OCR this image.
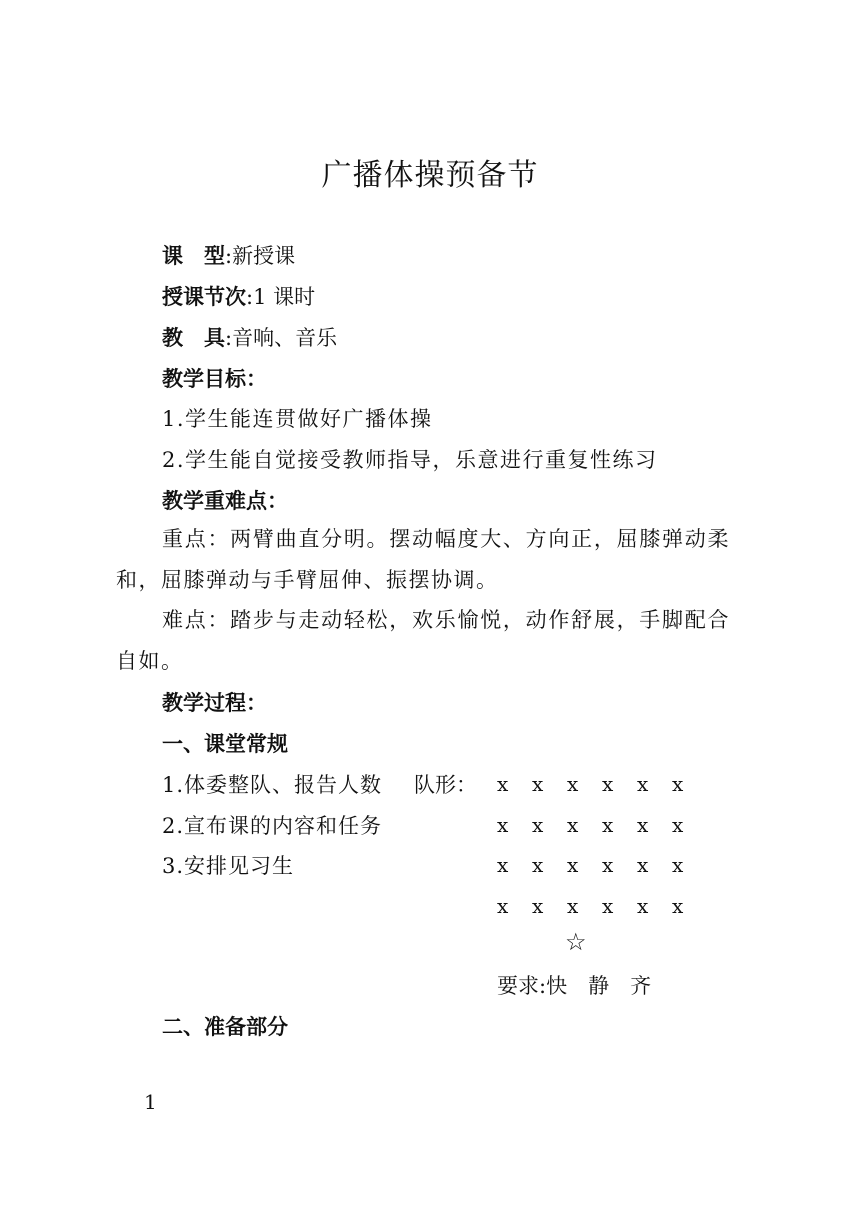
广播体操预备节
课　型:新授课
授课节次:1 课时
教　具:音响、音乐
教学目标：
1.学生能连贯做好广播体操
2.学生能自觉接受教师指导，乐意进行重复性练习
教学重难点：
重点：两臂曲直分明。摆动幅度大、方向正，屈膝弹动柔和，屈膝弹动与手臂屈伸、振摆协调。
难点：踏步与走动轻松，欢乐愉悦，动作舒展，手脚配合自如。
教学过程：
一、课堂常规
1.体委整队、报告人数 队形：
2.宣布课的内容和任务
3.安排见习生
x x x x x x
x x x x x x
x x x x x x
x x x x x x
☆
要求:快　静　齐
二、准备部分
1
